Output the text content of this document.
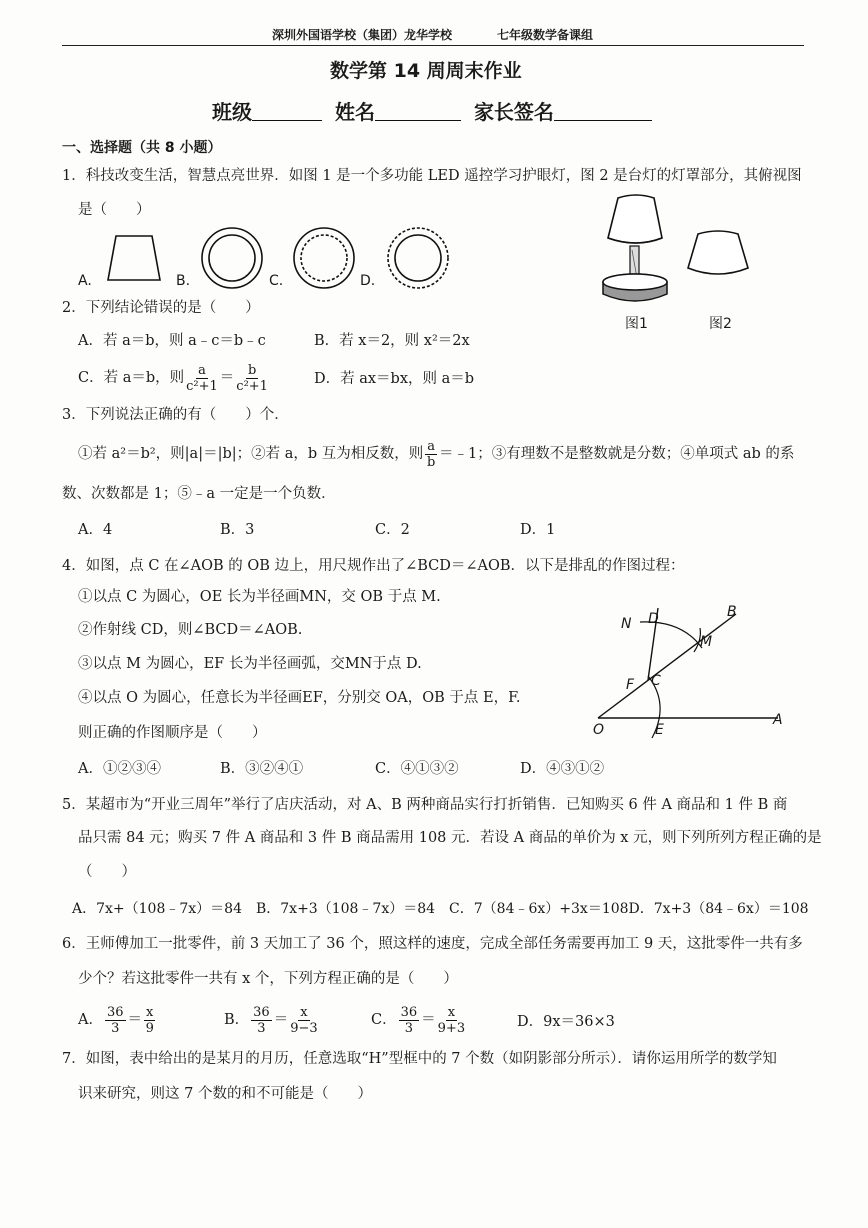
深圳外国语学校（集团）龙华学校	七年级数学备课组
数学第 14 周周末作业
班级	姓名	家长签名
一、选择题（共 8 小题）
1．科技改变生活，智慧点亮世界．如图 1 是一个多功能 LED 遥控学习护眼灯，图 2 是台灯的灯罩部分，其俯视图
是（　　）
A.	B.	C.	D.
图1	图2
2．下列结论错误的是（　　）
A．若 a＝b，则 a﹣c＝b﹣c	B．若 x＝2，则 x²＝2x
C．若 a＝b，则 $\frac{a}{\text{c²+1}} = \frac{b}{\text{c²+1}}$	D．若 ax＝bx，则 a＝b
3．下列说法正确的有（　　）个．
①若 a²＝b²，则|a|＝|b|；②若 a，b 互为相反数，则 $\frac{a}{b}$ ＝﹣1；③有理数不是整数就是分数；④单项式 ab 的系
数、次数都是 1；⑤﹣a 一定是一个负数．
A．4	B．3	C．2	D．1
4．如图，点 C 在∠AOB 的 OB 边上，用尺规作出了∠BCD＝∠AOB．以下是排乱的作图过程：
①以点 C 为圆心，OE 长为半径画MN，交 OB 于点 M.
②作射线 CD，则∠BCD＝∠AOB.
③以点 M 为圆心，EF 长为半径画弧，交MN于点 D.
④以点 O 为圆心，任意长为半径画EF，分别交 OA，OB 于点 E，F.
则正确的作图顺序是（　　）
A．①②③④	B．③②④①	C．④①③②	D．④③①②
N D	B
M
F C
O	E
A
5．某超市为“开业三周年”举行了店庆活动，对 A、B 两种商品实行打折销售．已知购买 6 件 A 商品和 1 件 B 商
品只需 84 元；购买 7 件 A 商品和 3 件 B 商品需用 108 元．若设 A 商品的单价为 x 元，则下列所列方程正确的是
（　　）
A．7x+（108﹣7x）＝84　B．7x+3（108﹣7x）＝84　C．7（84﹣6x）+3x＝108D．7x+3（84﹣6x）＝108
6．王师傅加工一批零件，前 3 天加工了 36 个，照这样的速度，完成全部任务需要再加工 9 天，这批零件一共有多
少个？若这批零件一共有 x 个，下列方程正确的是（　　）
A． $\frac{36}{3} = \frac{x}{9}$	B． $\frac{36}{3} = \frac{x}{9-3}$	C． $\frac{36}{3} = \frac{x}{9+3}$	D．9x＝36×3
7．如图，表中给出的是某月的月历，任意选取“H”型框中的 7 个数（如阴影部分所示）．请你运用所学的数学知
识来研究，则这 7 个数的和不可能是（　　）
